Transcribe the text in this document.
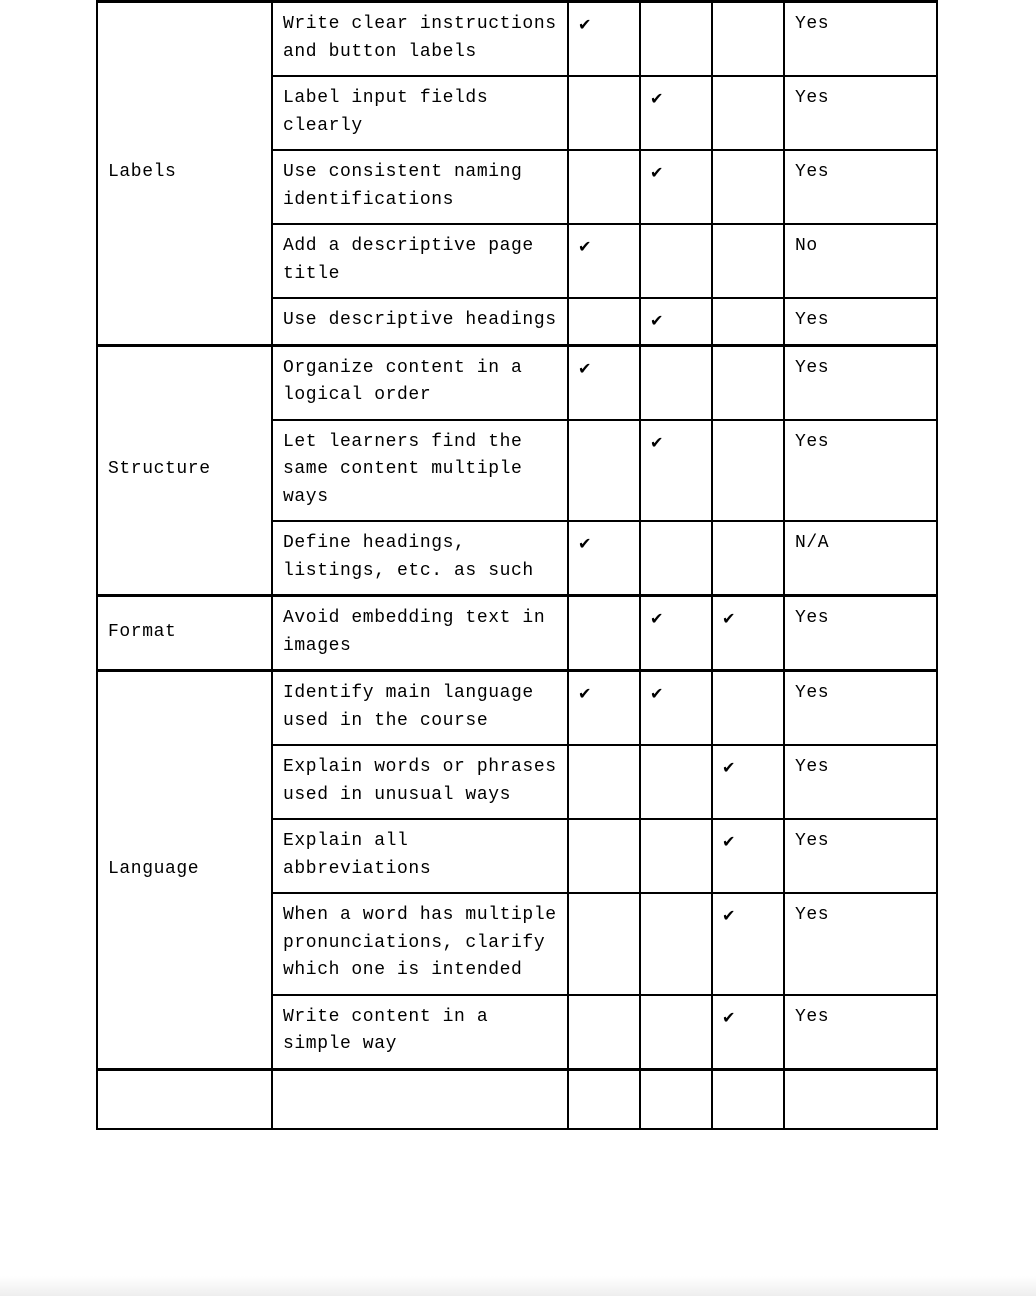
Labels	Write clear instructions and button labels	✔			Yes
	Label input fields clearly		✔		Yes
	Use consistent naming identifications		✔		Yes
	Add a descriptive page title	✔			No
	Use descriptive headings		✔		Yes
Structure	Organize content in a logical order	✔			Yes
	Let learners find the same content multiple ways		✔		Yes
	Define headings, listings, etc. as such	✔			N/A
Format	Avoid embedding text in images		✔	✔	Yes
Language	Identify main language used in the course	✔	✔		Yes
	Explain words or phrases used in unusual ways			✔	Yes
	Explain all abbreviations			✔	Yes
	When a word has multiple pronunciations, clarify which one is intended			✔	Yes
	Write content in a simple way			✔	Yes
